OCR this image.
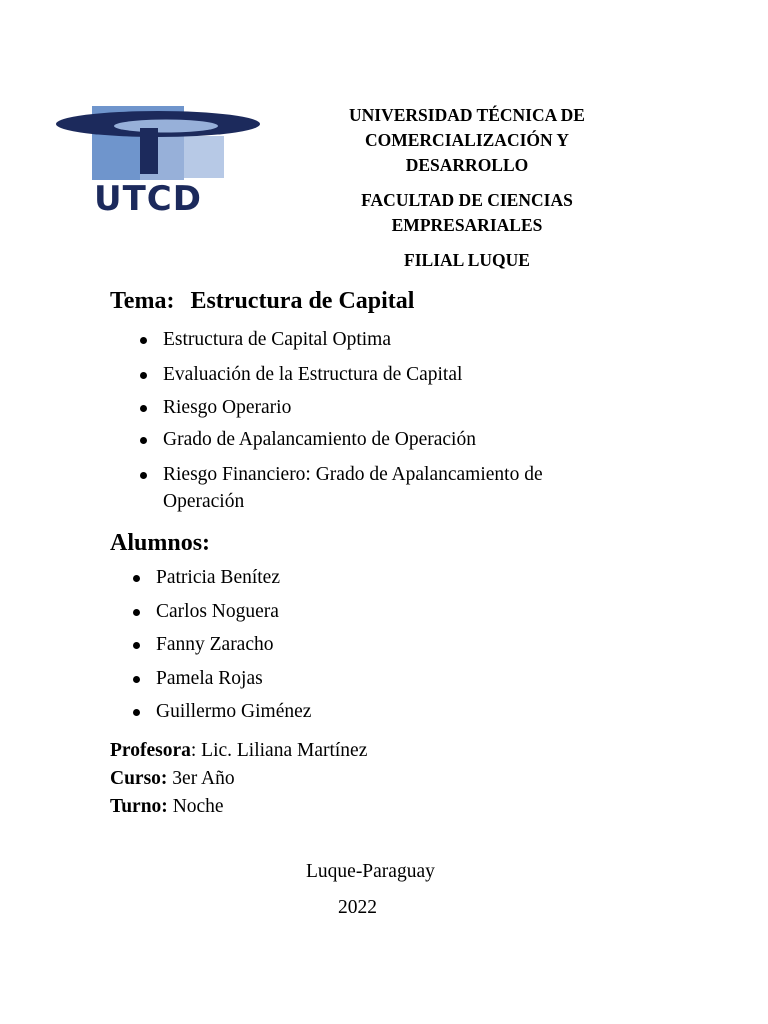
UTCD
UNIVERSIDAD TÉCNICA DE
COMERCIALIZACIÓN Y
DESARROLLO
FACULTAD DE CIENCIAS
EMPRESARIALES
FILIAL LUQUE
Tema: Estructura de Capital
Estructura de Capital Optima
Evaluación de la Estructura de Capital
Riesgo Operario
Grado de Apalancamiento de Operación
Riesgo Financiero: Grado de Apalancamiento de
Operación
Alumnos:
Patricia Benítez
Carlos Noguera
Fanny Zaracho
Pamela Rojas
Guillermo Giménez
Profesora: Lic. Liliana Martínez
Curso: 3er Año
Turno: Noche
Luque-Paraguay
2022
